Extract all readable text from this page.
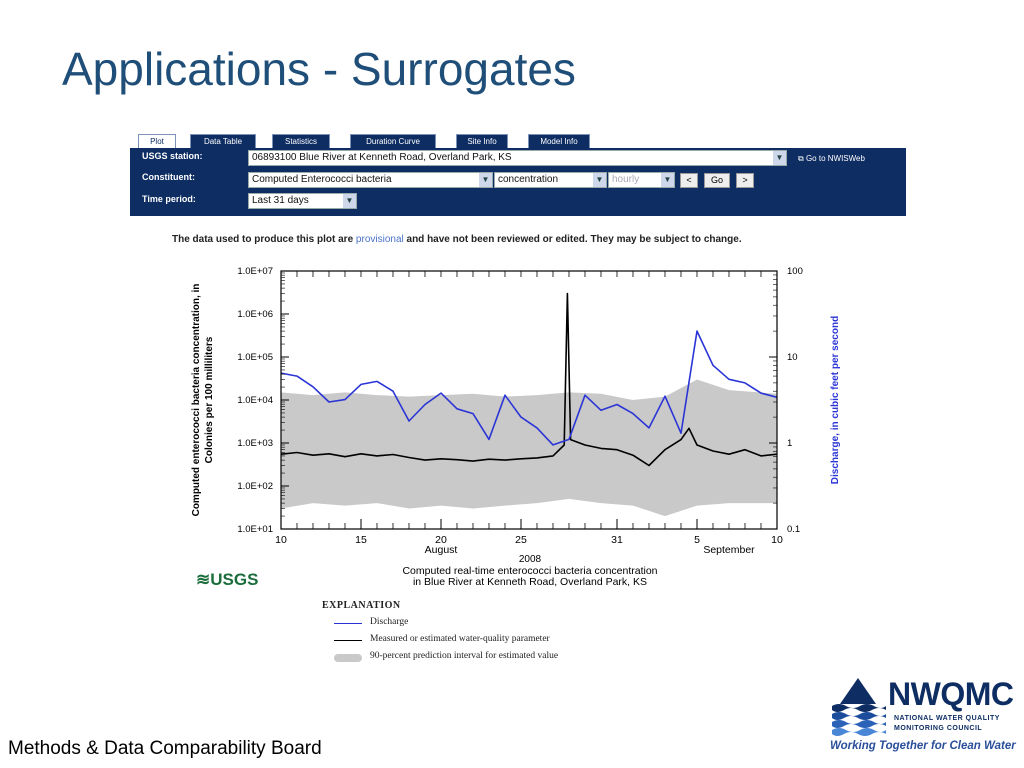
Applications - Surrogates
Plot	Data Table	Statistics	Duration Curve	Site Info	Model Info
USGS station:	06893100 Blue River at Kenneth Road, Overland Park, KS	▼	⧉ Go to NWISWeb
Constituent:	Computed Enterococci bacteria	▼ concentration	▼ hourly	▼	<	Go	>
Time period:	Last 31 days	▼
The data used to produce this plot are provisional and have not been reviewed or edited. They may be subject to change.
1.0E+01
1.0E+02
1.0E+03
1.0E+04
1.0E+05
1.0E+06
1.0E+07
0.1
1
10
100
10	15	20	25	31	5	10
August	September
Computed enterococci bacteria concentration, in Colonies per 100 milliliters	Discharge, in cubic feet per second
2008
Computed real-time enterococci bacteria concentration
in Blue River at Kenneth Road, Overland Park, KS
≋USGS
EXPLANATION
Discharge
Measured or estimated water-quality parameter
90-percent prediction interval for estimated value
Methods & Data Comparability Board
NWQMC
NATIONAL WATER QUALITY
MONITORING COUNCIL
Working Together for Clean Water
